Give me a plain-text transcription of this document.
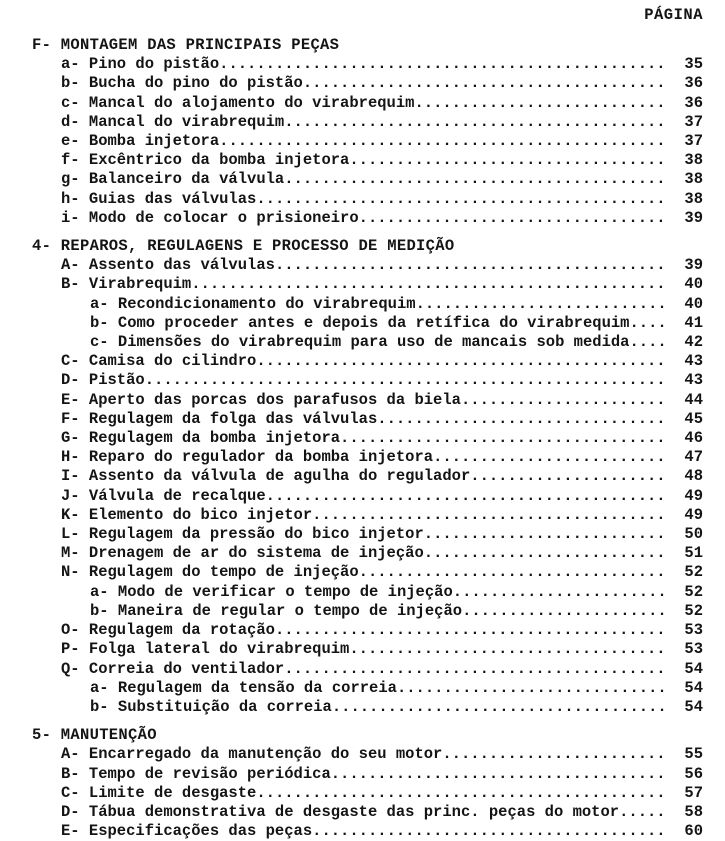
PÁGINA
F- MONTAGEM DAS PRINCIPAIS PEÇAS
a- Pino do pistão .....	35
b- Bucha do pino do pistão .....	36
c- Mancal do alojamento do virabrequim .....	36
d- Mancal do virabrequim .....	37
e- Bomba injetora .....	37
f- Excêntrico da bomba injetora .....	38
g- Balanceiro da válvula .....	38
h- Guias das válvulas .....	38
i- Modo de colocar o prisioneiro .....	39
4- REPAROS, REGULAGENS E PROCESSO DE MEDIÇÃO
A- Assento das válvulas .....	39
B- Virabrequim .....	40
a- Recondicionamento do virabrequim .....	40
b- Como proceder antes e depois da retífica do virabrequim .....	41
c- Dimensões do virabrequim para uso de mancais sob medida .....	42
C- Camisa do cilindro .....	43
D- Pistão .....	43
E- Aperto das porcas dos parafusos da biela .....	44
F- Regulagem da folga das válvulas .....	45
G- Regulagem da bomba injetora .....	46
H- Reparo do regulador da bomba injetora .....	47
I- Assento da válvula de agulha do regulador .....	48
J- Válvula de recalque .....	49
K- Elemento do bico injetor .....	49
L- Regulagem da pressão do bico injetor .....	50
M- Drenagem de ar do sistema de injeção .....	51
N- Regulagem do tempo de injeção .....	52
a- Modo de verificar o tempo de injeção .....	52
b- Maneira de regular o tempo de injeção .....	52
O- Regulagem da rotação .....	53
P- Folga lateral do virabrequim .....	53
Q- Correia do ventilador .....	54
a- Regulagem da tensão da correia .....	54
b- Substituição da correia .....	54
5- MANUTENÇÃO
A- Encarregado da manutenção do seu motor .....	55
B- Tempo de revisão periódica .....	56
C- Limite de desgaste .....	57
D- Tábua demonstrativa de desgaste das princ. peças do motor .....	58
E- Especificações das peças .....	60
